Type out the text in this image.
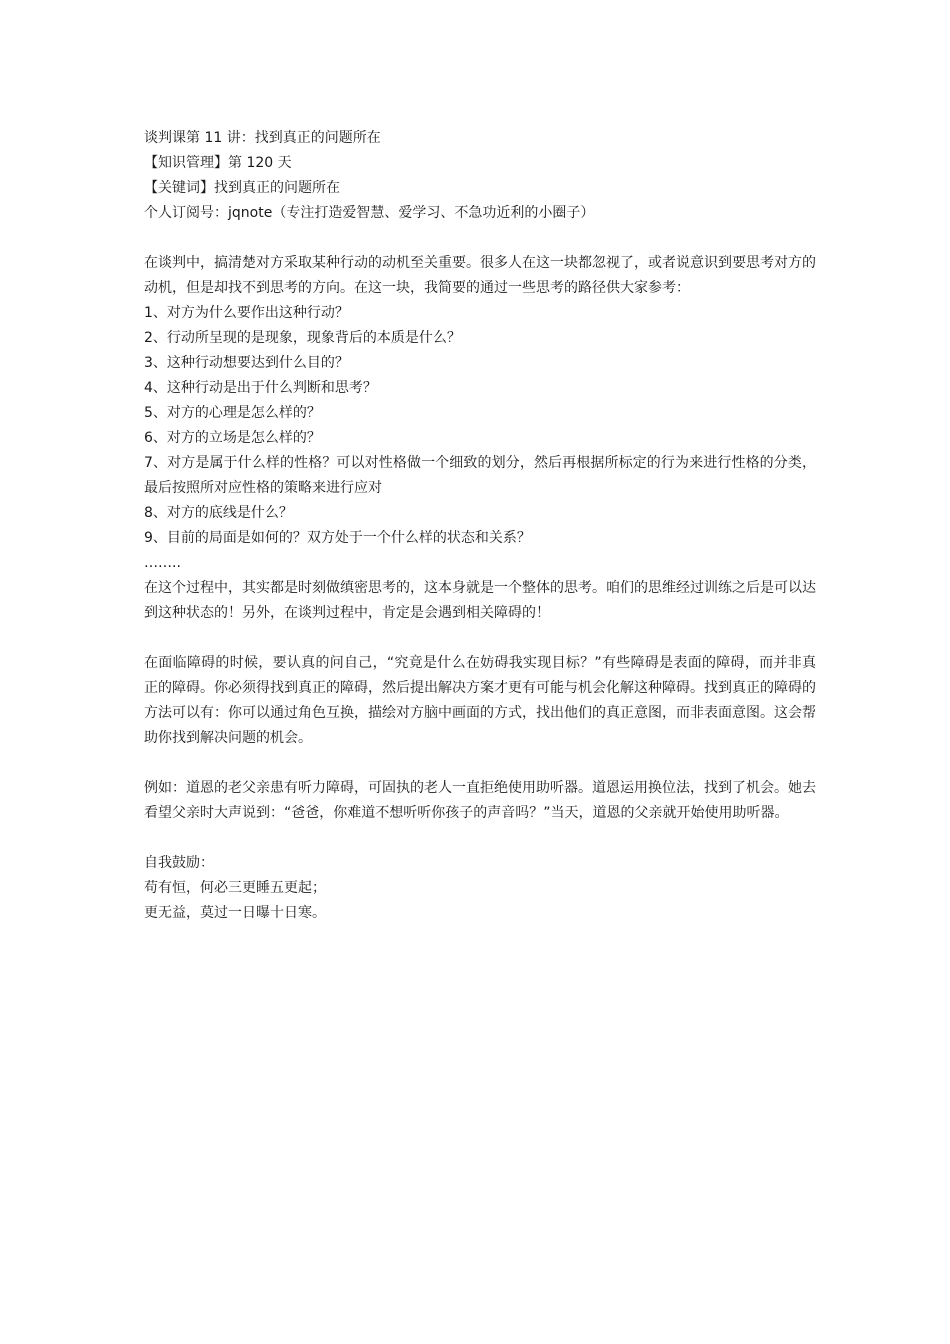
谈判课第 11 讲：找到真正的问题所在
【知识管理】第 120 天
【关键词】找到真正的问题所在
个人订阅号：jqnote（专注打造爱智慧、爱学习、不急功近利的小圈子）
在谈判中，搞清楚对方采取某种行动的动机至关重要。很多人在这一块都忽视了，或者说意识到要思考对方的动机，但是却找不到思考的方向。在这一块，我简要的通过一些思考的路径供大家参考：
1、对方为什么要作出这种行动？
2、行动所呈现的是现象，现象背后的本质是什么？
3、这种行动想要达到什么目的？
4、这种行动是出于什么判断和思考？
5、对方的心理是怎么样的？
6、对方的立场是怎么样的？
7、对方是属于什么样的性格？可以对性格做一个细致的划分，然后再根据所标定的行为来进行性格的分类，最后按照所对应性格的策略来进行应对
8、对方的底线是什么？
9、目前的局面是如何的？双方处于一个什么样的状态和关系？
……..
在这个过程中，其实都是时刻做缜密思考的，这本身就是一个整体的思考。咱们的思维经过训练之后是可以达到这种状态的！另外，在谈判过程中，肯定是会遇到相关障碍的！
在面临障碍的时候，要认真的问自己，“究竟是什么在妨碍我实现目标？”有些障碍是表面的障碍，而并非真正的障碍。你必须得找到真正的障碍，然后提出解决方案才更有可能与机会化解这种障碍。找到真正的障碍的方法可以有：你可以通过角色互换，描绘对方脑中画面的方式，找出他们的真正意图，而非表面意图。这会帮助你找到解决问题的机会。
例如：道恩的老父亲患有听力障碍，可固执的老人一直拒绝使用助听器。道恩运用换位法，找到了机会。她去看望父亲时大声说到：“爸爸，你难道不想听听你孩子的声音吗？”当天，道恩的父亲就开始使用助听器。
自我鼓励：
苟有恒，何必三更睡五更起；
更无益，莫过一日曝十日寒。
